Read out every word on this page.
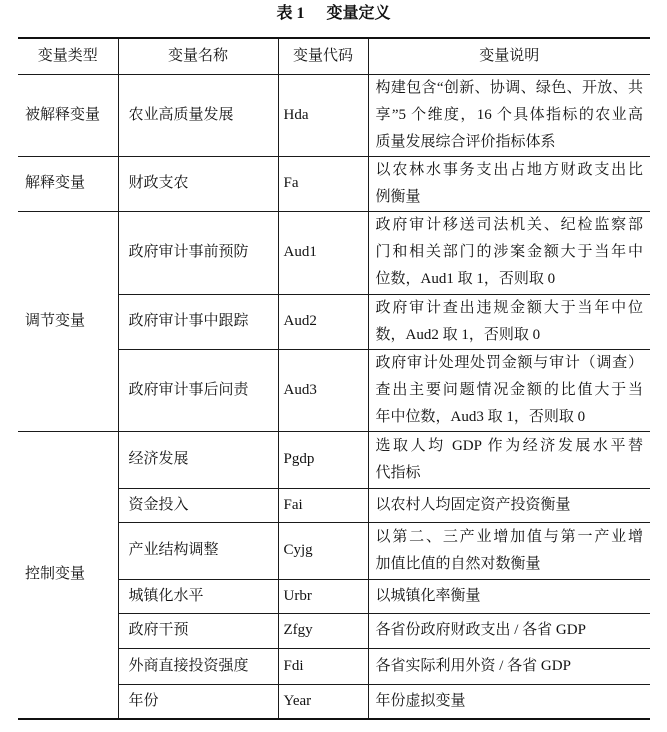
表 1 变量定义
变量类型	变量名称	变量代码	变量说明
被解释变量	农业高质量发展	Hda	构建包含“创新、协调、绿色、开放、共
享”5 个维度，16 个具体指标的农业高
质量发展综合评价指标体系

解释变量	财政支农	Fa	以农林水事务支出占地方财政支出比
例衡量

调节变量	政府审计事前预防	Aud1	政府审计移送司法机关、纪检监察部
门和相关部门的涉案金额大于当年中
位数，Aud1 取 1，否则取 0

	政府审计事中跟踪	Aud2	政府审计查出违规金额大于当年中位
数，Aud2 取 1，否则取 0

	政府审计事后问责	Aud3	政府审计处理处罚金额与审计（调查）
查出主要问题情况金额的比值大于当
年中位数，Aud3 取 1，否则取 0

控制变量	经济发展	Pgdp	选取人均 GDP 作为经济发展水平替
代指标

	资金投入	Fai	以农村人均固定资产投资衡量

	产业结构调整	Cyjg	以第二、三产业增加值与第一产业增
加值比值的自然对数衡量

	城镇化水平	Urbr	以城镇化率衡量

	政府干预	Zfgy	各省份政府财政支出 / 各省 GDP

	外商直接投资强度	Fdi	各省实际利用外资 / 各省 GDP

	年份	Year	年份虚拟变量
